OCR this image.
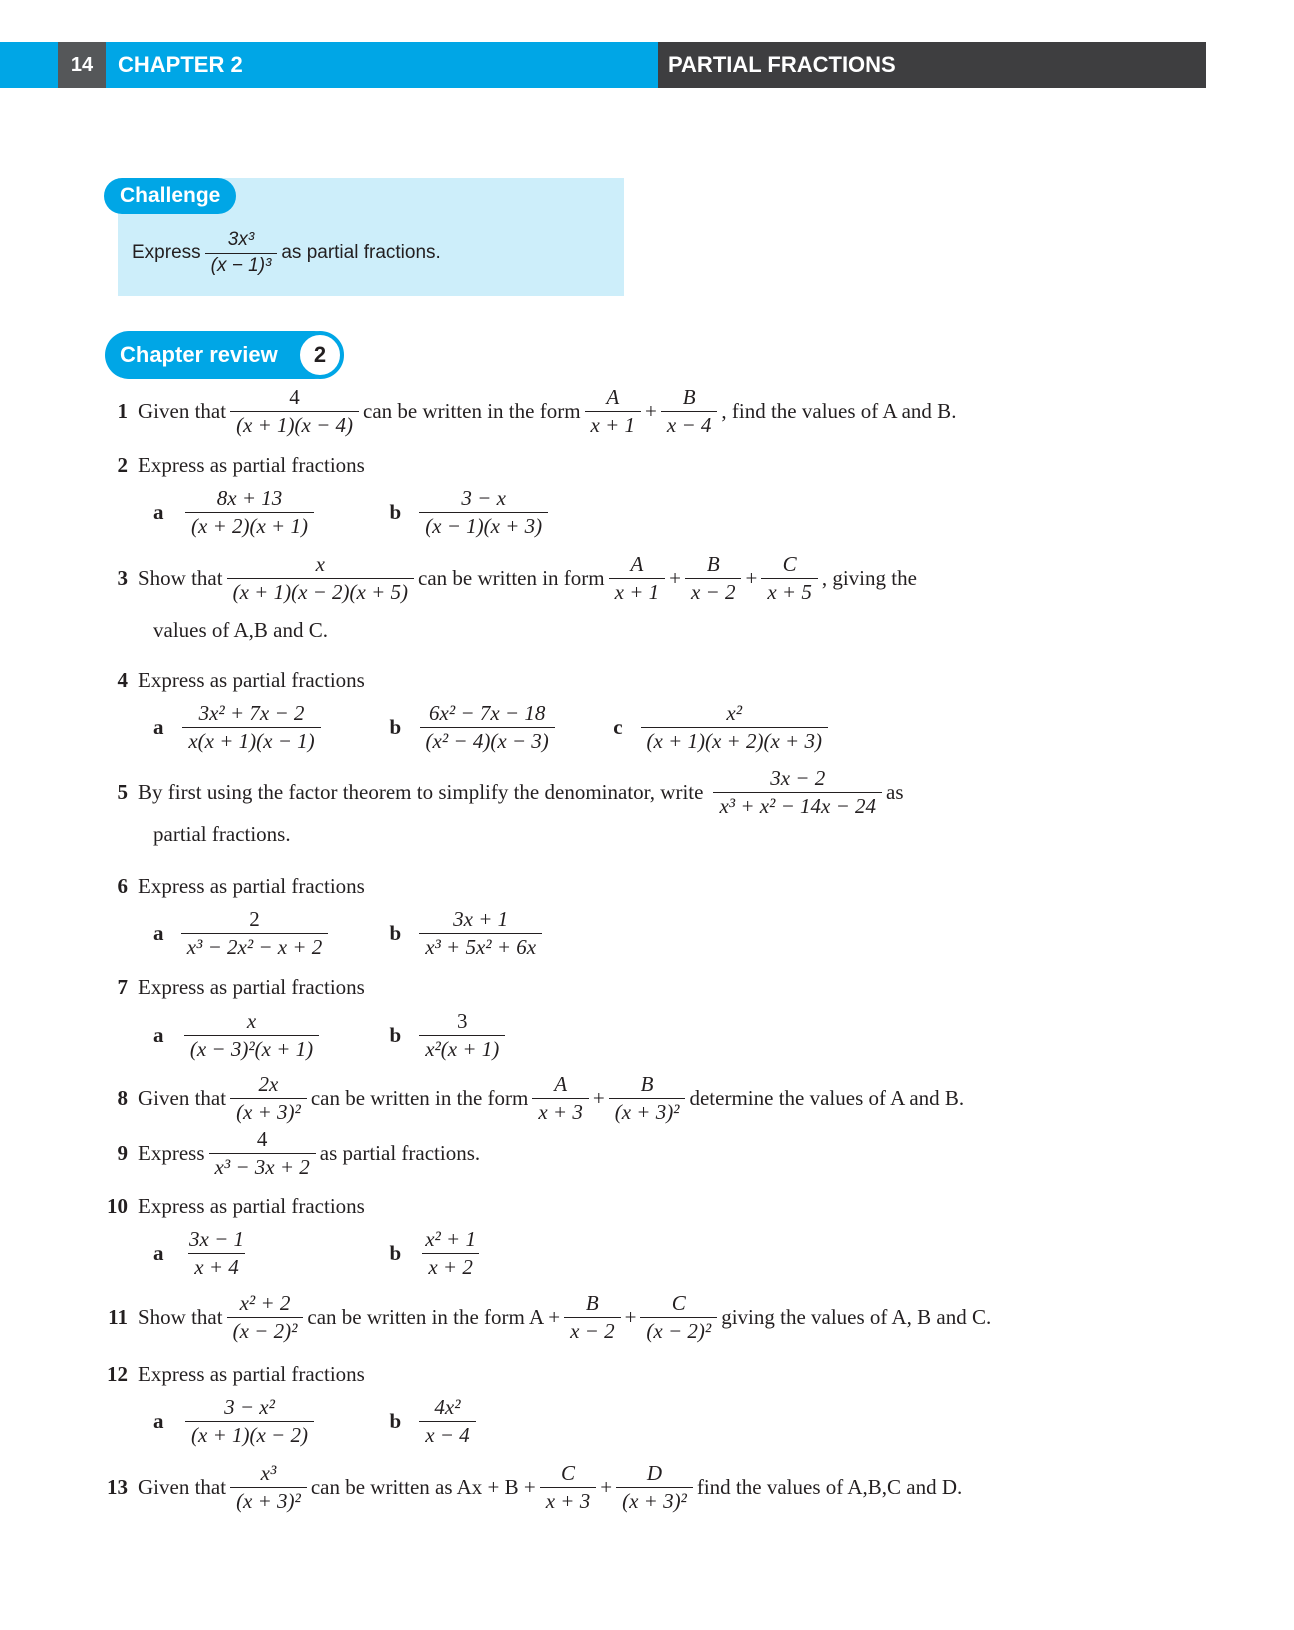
14	CHAPTER 2	PARTIAL FRACTIONS
Challenge
Express $\frac{\text{3x³}}{\text{(x − 1)³}}$ as partial fractions.
Chapter review	2
1 Given that $\frac{4}{(x + 1)(x - 4)}$ can be written in the form $\frac{A}{x + 1} + \frac{B}{x - 4}$ , find the values of A and B.
2 Express as partial fractions
a $\frac{8x + 13}{(x + 2)(x + 1)}$	b $\frac{3 - x}{(x - 1)(x + 3)}$
3 Show that $\frac{x}{(x + 1)(x - 2)(x + 5)}$ can be written in form $\frac{A}{x + 1} + \frac{B}{x - 2} + \frac{C}{x + 5}$ , giving the
values of A,B and C.
4 Express as partial fractions
a $\frac{\text{3x² + 7x − 2}}{x(x + 1)(x - 1)}$	b $\frac{\text{6x² − 7x − 18}}{\text{(x² − 4)(x − 3)}}$	c $\frac{\text{x²}}{(x + 1)(x + 2)(x + 3)}$
5 By first using the factor theorem to simplify the denominator, write $\frac{3x - 2}{\text{x³ + x² − 14x − 24}}$ as
partial fractions.
6 Express as partial fractions
a $\frac{2}{\text{x³ − 2x² − x + 2}}$	b $\frac{3x + 1}{\text{x³ + 5x² + 6x}}$
7 Express as partial fractions
a $\frac{x}{\text{(x − 3)²(x + 1)}}$	b $\frac{3}{\text{x²(x + 1)}}$
8 Given that $\frac{2x}{\text{(x + 3)²}}$ can be written in the form $\frac{A}{x + 3} + \frac{B}{\text{(x + 3)²}}$ determine the values of A and B.
9 Express $\frac{4}{\text{x³ − 3x + 2}}$ as partial fractions.
10 Express as partial fractions
a $\frac{3x - 1}{x + 4}$	b $\frac{\text{x² + 1}}{x + 2}$
11 Show that $\frac{\text{x² + 2}}{\text{(x − 2)²}}$ can be written in the form $A + \frac{B}{x - 2} + \frac{C}{\text{(x − 2)²}}$ giving the values of A, B and C.
12 Express as partial fractions
a $\frac{\text{3 − x²}}{(x + 1)(x - 2)}$	b $\frac{\text{4x²}}{x - 4}$
13 Given that $\frac{\text{x³}}{\text{(x + 3)²}}$ can be written as $Ax + B + \frac{C}{x + 3} + \frac{D}{\text{(x + 3)²}}$ find the values of A,B,C and D.
